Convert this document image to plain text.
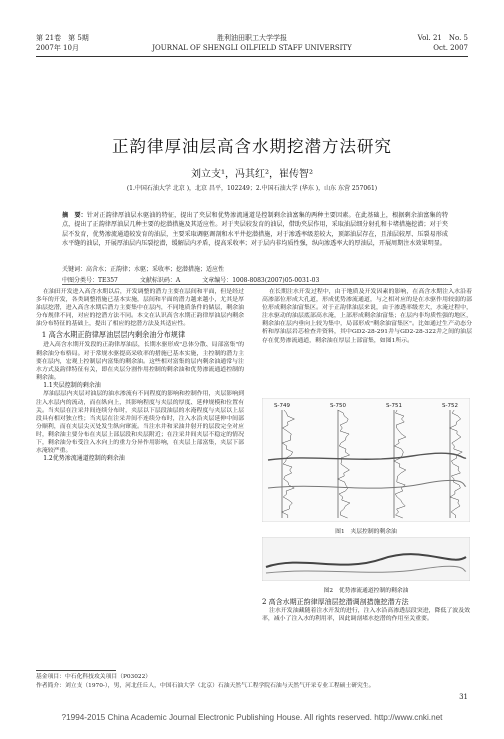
第 21卷　第 5期	胜利油田职工大学学报	Vol. 21　No. 5
2007年 10月	JOURNAL OF SHENGLI OILFIELD STAFF UNIVERSITY	Oct. 2007
正韵律厚油层高含水期挖潜方法研究
刘立支¹，冯其红²，崔传智²
(1.中国石油大学 北京 )，北京 昌平，102249；2.中国石油大学 (华东 )，山东 东营 257061)
摘　要：针对正韵律厚油层水驱油的特征，提出了夹层和优势渗流通道是控制剩余油富集的两种主要因素。在此基础上，根据剩余油富集的特点，提出了正韵律厚油层几种主要的挖潜措施及其适应性。对于夹层较发育的油层，借助夹层作用，采取油层细分射孔和卡堵措施挖潜；对于夹层不发育，优势渗流通道较发育的油层，主要采取调驱调剖和水平井挖潜措施，对于渗透率级差较大，顶部油层存在，且油层较厚、压裂易形成水平缝的油层，开展厚油层内压裂挖潜，缓解层内矛盾，提高采收率；对于层内非均质性强，纵向渗透率大的厚油层，开展周期注水效果明显。
关键词：高含水；正韵律；水驱；采收率；挖潜措施；适应性
中图分类号：TE357	文献标识码：A	文章编号：1008-8083(2007)05-0031-03

在油田开发进入高含水期以后，开发调整的潜力主要在层间和平面，但是经过多年的开发，各类调整措施已基本实施，层间和平面的潜力越来越小，尤其是厚油层挖潜，进入高含水期后潜力主要集中在层内，不同地质条件的储层，剩余油分布规律不同，对应的挖潜方法不同。本文在认识高含水期正韵律厚油层内剩余油分布特征的基础上，提出了相应的挖潜方法及其适应性。

1 高含水期正韵律厚油层层内剩余油分布规律

进入高含水期开发段的正韵律厚油层，长期水驱形成"总体分散、局部富集"的剩余油分布格局。对于常规水驱提高采收率的措施已基本实施，主控制的潜力主要在层内，宏观上控制层内富集的剩余油。这些相对富集的层内剩余油通常与注水方式及韵律特征有关，即在夹层分割作用控制的剩余油和优势渗流通道控制的剩余油。

1.1夹层控制的剩余油

厚油层层内夹层对油层的油水渗流有不同程度的影响和控制作用，夹层影响到注入水层内的流动，而在纵向上，其影响程度与夹层的厚度、延伸规模和位置有关。当夹层在注采井间连续分布时，夹层以下层段油层的水淹程度与夹层以上层段具有相对独立性；当夹层在注采井间不连续分布时，注入水沿夹层延伸中间部分顺利，而在夹层尖灭处发生纵向窜流。当注水井和采油井射开的层段完全对应时，剩余油主要分布在夹层上部层段和夹层附近；在注采井间夹层不稳定的情况下，剩余油分布受注入水向上的重力分异作用影响，在夹层上部富集，夹层下部水淹较严重。

1.2优势渗流通道控制的剩余油

在长期注水开发过程中，由于地质及开发因素的影响，在高含水期注入水沿着高渗部位形成大孔道，形成优势渗流通道，与之相对应的是在水驱作用较弱的部位形成剩余油富集区。对于正韵律油层来说，由于渗透率级差大，水淹过程中，注水驱动的油层底部高水淹，上部形成剩余油富集；在层内非均质性强的地区，剩余油在层内垂向上较为集中，局部形成"剩余油富集区"。比如通过生产动态分析和厚油层岩芯检查井资料，其中GD2-28-291井与GD2-28-322井之间的油层存在优势渗流通道，剩余油在厚层上部富集，如图1所示。

S-749	S-750	S-751	S-752
图1　夹层控制的剩余油
图2　优势渗流通道控制的剩余油
2 高含水期正韵律厚油层挖潜调剖措施挖潜方法

注水开发油藏随着注水开发的进行，注入水沿高渗透层段突进，降低了波及效率，减小了注入水的利用率，因此调剖堵水挖潜的作用至关重要。

基金项目：中石化科技攻关项目（P03022）
作者简介：刘立支（1970-），男，河北任丘人，中国石油大学（北京）石油天然气工程学院石油与天然气开采专业工程硕士研究生。
31
?1994-2015 China Academic Journal Electronic Publishing House. All rights reserved. http://www.cnki.net
